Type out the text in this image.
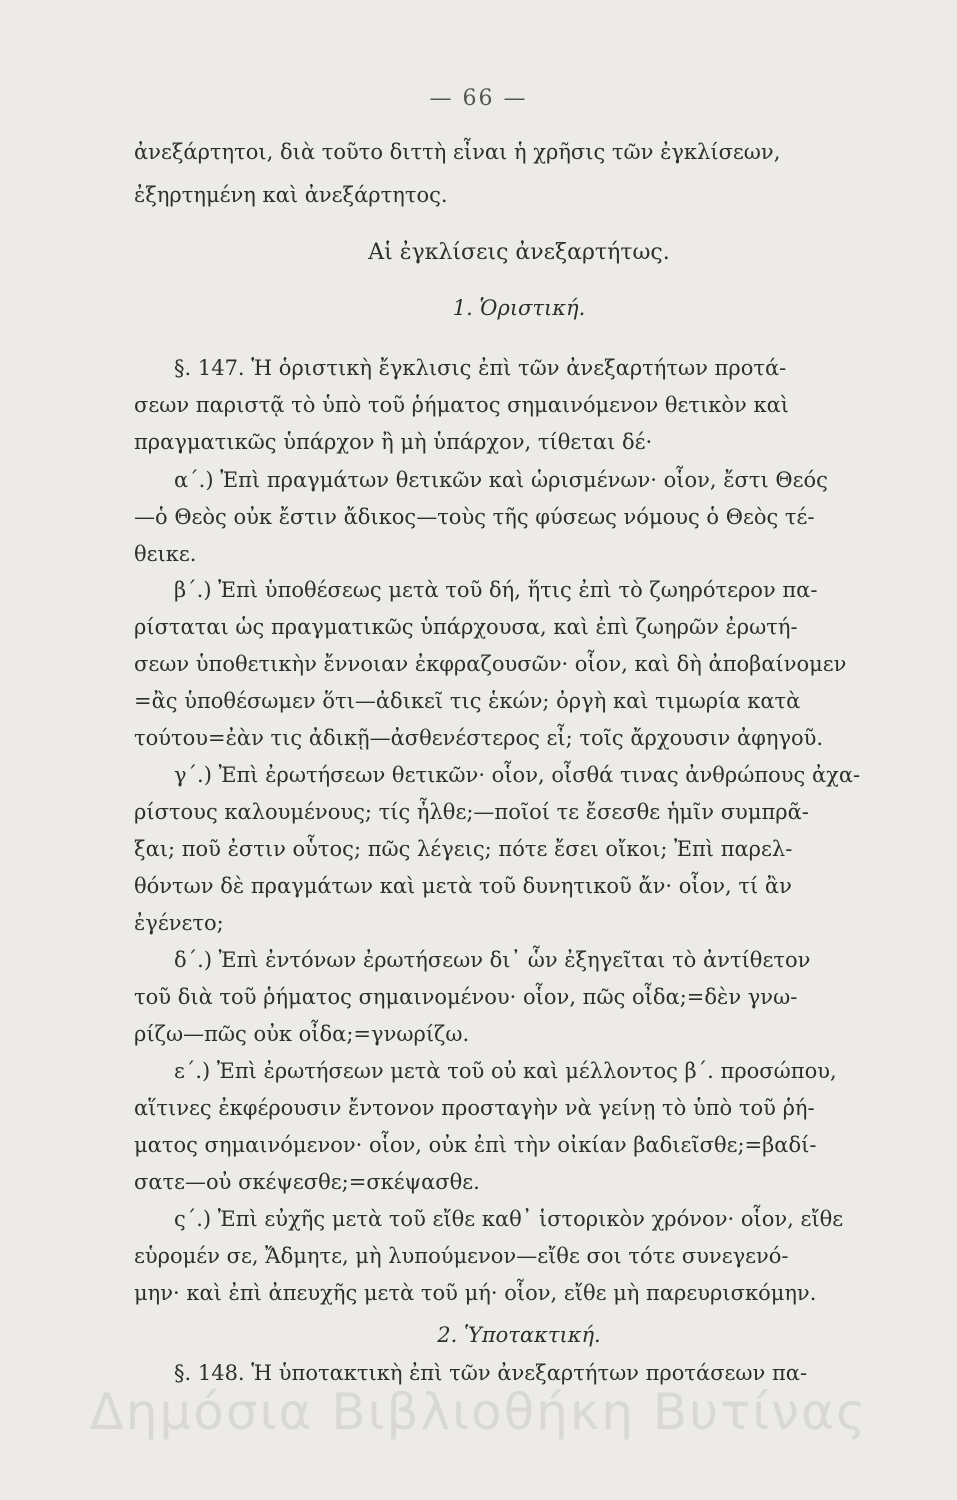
— 66 —
ἀνεξάρτητοι, διὰ τοῦτο διττὴ εἶναι ἡ χρῆσις τῶν ἐγκλίσεων,
ἐξηρτημένη καὶ ἀνεξάρτητος.
Αἱ ἐγκλίσεις ἀνεξαρτήτως.
1. Ὁριστική.
§. 147. Ἡ ὁριστικὴ ἔγκλισις ἐπὶ τῶν ἀνεξαρτήτων προτά-
σεων παριστᾷ τὸ ὑπὸ τοῦ ῥήματος σημαινόμενον θετικὸν καὶ
πραγματικῶς ὑπάρχον ἢ μὴ ὑπάρχον, τίθεται δέ·
α΄.) Ἐπὶ πραγμάτων θετικῶν καὶ ὡρισμένων· οἷον, ἔστι Θεός
—ὁ Θεὸς οὐκ ἔστιν ἄδικος—τοὺς τῆς φύσεως νόμους ὁ Θεὸς τέ-
θεικε.
β΄.) Ἐπὶ ὑποθέσεως μετὰ τοῦ δή, ἥτις ἐπὶ τὸ ζωηρότερον πα-
ρίσταται ὡς πραγματικῶς ὑπάρχουσα, καὶ ἐπὶ ζωηρῶν ἐρωτή-
σεων ὑποθετικὴν ἔννοιαν ἐκφραζουσῶν· οἷον, καὶ δὴ ἀποβαίνομεν
=ἂς ὑποθέσωμεν ὅτι—ἀδικεῖ τις ἑκών; ὀργὴ καὶ τιμωρία κατὰ
τούτου=ἐὰν τις ἀδικῇ—ἀσθενέστερος εἶ; τοῖς ἄρχουσιν ἀφηγοῦ.
γ΄.) Ἐπὶ ἐρωτήσεων θετικῶν· οἷον, οἶσθά τινας ἀνθρώπους ἀχα-
ρίστους καλουμένους; τίς ἦλθε;—ποῖοί τε ἔσεσθε ἡμῖν συμπρᾶ-
ξαι; ποῦ ἐστιν οὗτος; πῶς λέγεις; πότε ἔσει οἴκοι; Ἐπὶ παρελ-
θόντων δὲ πραγμάτων καὶ μετὰ τοῦ δυνητικοῦ ἄν· οἷον, τί ἂν
ἐγένετο;
δ΄.) Ἐπὶ ἐντόνων ἐρωτήσεων δι᾽ ὧν ἐξηγεῖται τὸ ἀντίθετον
τοῦ διὰ τοῦ ῥήματος σημαινομένου· οἷον, πῶς οἶδα;=δὲν γνω-
ρίζω—πῶς οὐκ οἶδα;=γνωρίζω.
ε΄.) Ἐπὶ ἐρωτήσεων μετὰ τοῦ οὐ καὶ μέλλοντος β΄. προσώπου,
αἵτινες ἐκφέρουσιν ἔντονον προσταγὴν νὰ γείνῃ τὸ ὑπὸ τοῦ ῥή-
ματος σημαινόμενον· οἷον, οὐκ ἐπὶ τὴν οἰκίαν βαδιεῖσθε;=βαδί-
σατε—οὐ σκέψεσθε;=σκέψασθε.
ς΄.) Ἐπὶ εὐχῆς μετὰ τοῦ εἴθε καθ᾽ ἱστορικὸν χρόνον· οἷον, εἴθε
εὑρομέν σε, Ἄδμητε, μὴ λυπούμενον—εἴθε σοι τότε συνεγενό-
μην· καὶ ἐπὶ ἀπευχῆς μετὰ τοῦ μή· οἷον, εἴθε μὴ παρευρισκόμην.
2. Ὑποτακτική.
§. 148. Ἡ ὑποτακτικὴ ἐπὶ τῶν ἀνεξαρτήτων προτάσεων πα-
Δημόσια Βιβλιοθήκη Βυτίνας
